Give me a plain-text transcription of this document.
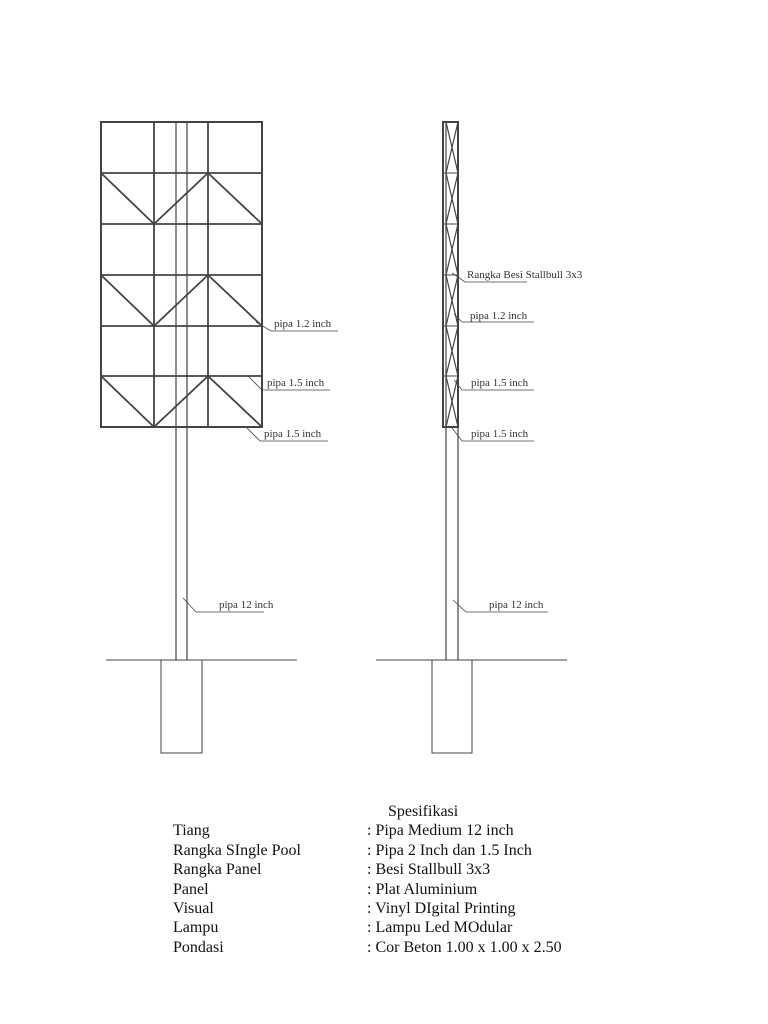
pipa 1.2 inch
pipa 1.5 inch
pipa 1.5 inch
pipa 12 inch
Rangka Besi Stallbull 3x3
pipa 1.2 inch
pipa 1.5 inch
pipa 1.5 inch
pipa 12 inch
Spesifikasi
Tiang	: Pipa Medium 12 inch
Rangka SIngle Pool	: Pipa 2 Inch dan 1.5 Inch
Rangka Panel	: Besi Stallbull 3x3
Panel	: Plat Aluminium
Visual	: Vinyl DIgital Printing
Lampu	: Lampu Led MOdular
Pondasi	: Cor Beton 1.00 x 1.00 x 2.50
